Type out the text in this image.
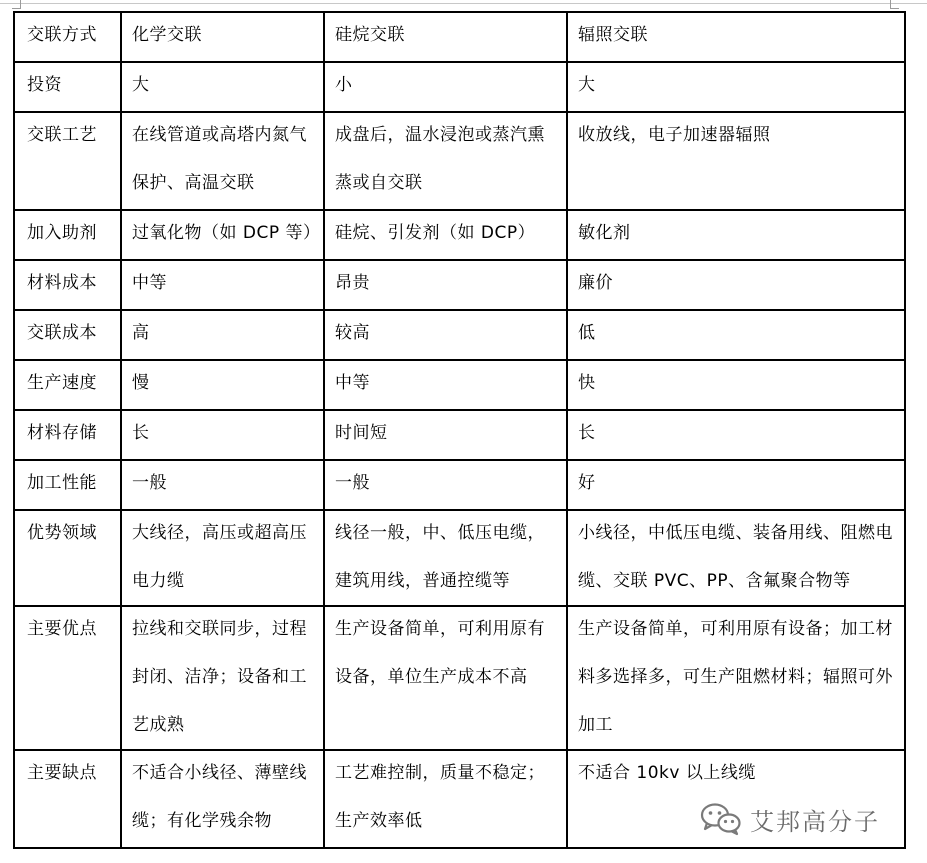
交联方式	化学交联	硅烷交联	辐照交联

投资	大	小	大

交联工艺	在线管道或高塔内氮气保护、高温交联	成盘后，温水浸泡或蒸汽熏蒸或自交联	收放线，电子加速器辐照

加入助剂	过氧化物（如 DCP 等）	硅烷、引发剂（如 DCP）	敏化剂

材料成本	中等	昂贵	廉价

交联成本	高	较高	低

生产速度	慢	中等	快

材料存储	长	时间短	长

加工性能	一般	一般	好

优势领域	大线径，高压或超高压电力缆	线径一般，中、低压电缆，建筑用线，普通控缆等	小线径，中低压电缆、装备用线、阻燃电缆、交联 PVC、PP、含氟聚合物等

主要优点	拉线和交联同步，过程封闭、洁净；设备和工艺成熟	生产设备简单，可利用原有设备，单位生产成本不高	生产设备简单，可利用原有设备；加工材料多选择多，可生产阻燃材料；辐照可外加工

主要缺点	不适合小线径、薄壁线缆；有化学残余物	工艺难控制，质量不稳定；生产效率低	不适合 10kv 以上线缆
艾邦高分子
